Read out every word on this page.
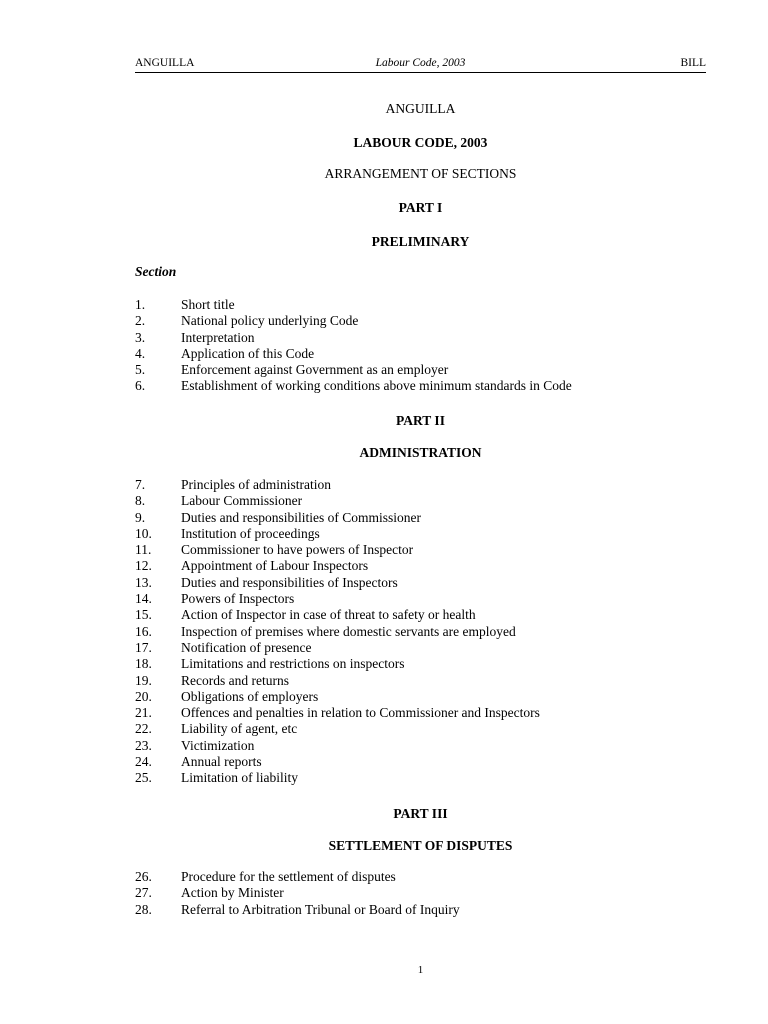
ANGUILLA	Labour Code, 2003	BILL
ANGUILLA
LABOUR CODE, 2003
ARRANGEMENT OF SECTIONS
PART I
PRELIMINARY
Section
1.	Short title
2.	National policy underlying Code
3.	Interpretation
4.	Application of this Code
5.	Enforcement against Government as an employer
6.	Establishment of working conditions above minimum standards in Code
PART II
ADMINISTRATION
7.	Principles of administration
8.	Labour Commissioner
9.	Duties and responsibilities of Commissioner
10. Institution of proceedings
11. Commissioner to have powers of Inspector
12. Appointment of Labour Inspectors
13. Duties and responsibilities of Inspectors
14. Powers of Inspectors
15. Action of Inspector in case of threat to safety or health
16. Inspection of premises where domestic servants are employed
17. Notification of presence
18. Limitations and restrictions on inspectors
19. Records and returns
20. Obligations of employers
21. Offences and penalties in relation to Commissioner and Inspectors
22. Liability of agent, etc
23. Victimization
24. Annual reports
25. Limitation of liability
PART III
SETTLEMENT OF DISPUTES
26. Procedure for the settlement of disputes
27. Action by Minister
28. Referral to Arbitration Tribunal or Board of Inquiry
1
